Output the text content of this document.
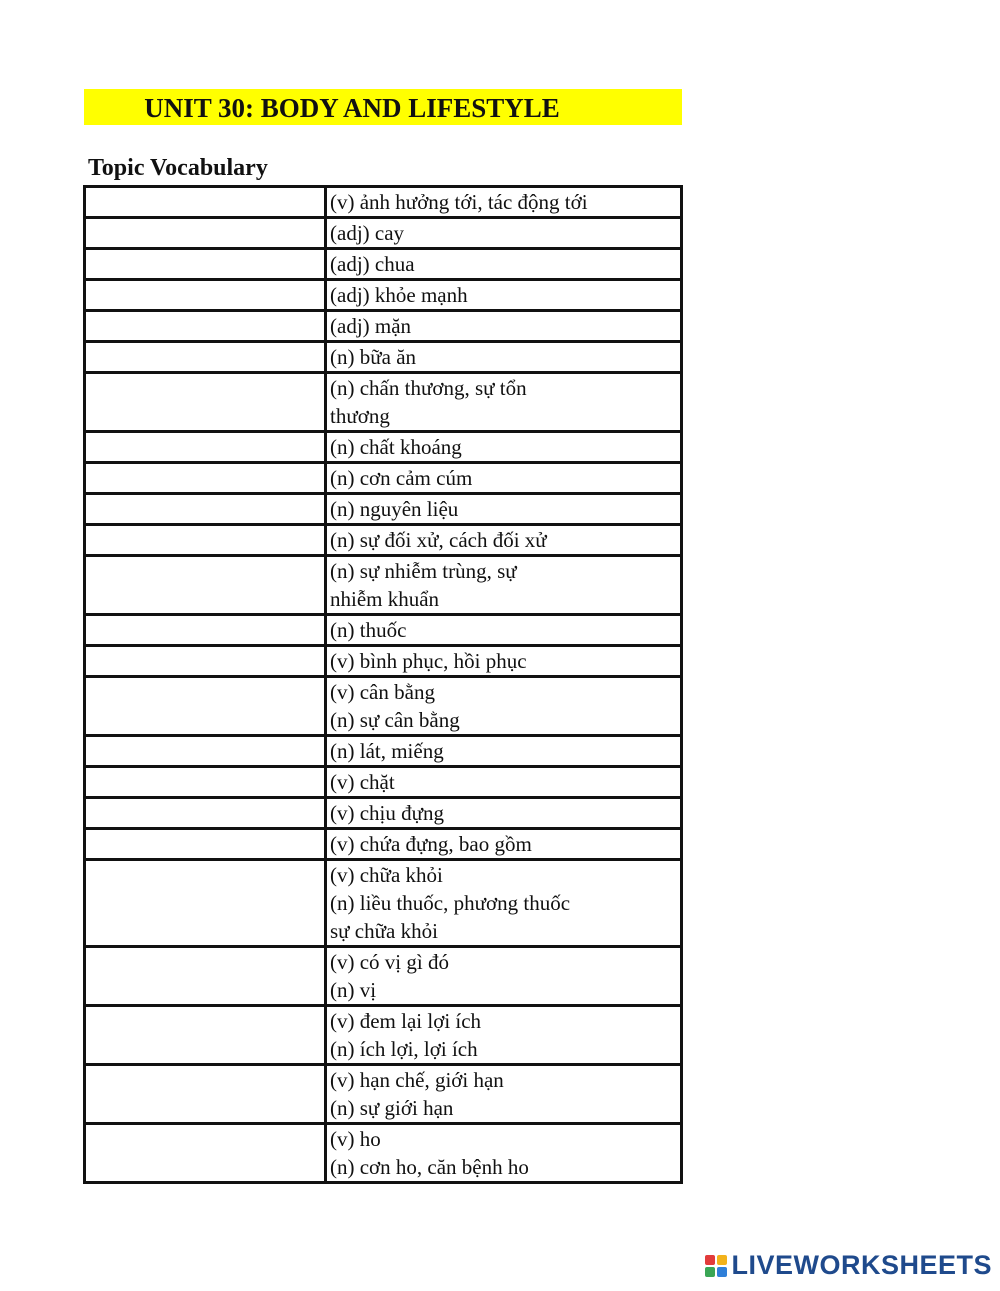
UNIT 30: BODY AND LIFESTYLE
Topic Vocabulary

	(v) ảnh hưởng tới, tác động tới

	(adj) cay

	(adj) chua

	(adj) khỏe mạnh

	(adj) mặn

	(n) bữa ăn

	(n) chấn thương, sự tổn
thương

	(n) chất khoáng

	(n) cơn cảm cúm

	(n) nguyên liệu

	(n) sự đối xử, cách đối xử

	(n) sự nhiễm trùng, sự
nhiễm khuẩn

	(n) thuốc

	(v) bình phục, hồi phục

	(v) cân bằng
(n) sự cân bằng

	(n) lát, miếng

	(v) chặt

	(v) chịu đựng

	(v) chứa đựng, bao gồm

	(v) chữa khỏi
(n) liều thuốc, phương thuốc
sự chữa khỏi

	(v) có vị gì đó
(n) vị

	(v) đem lại lợi ích
(n) ích lợi, lợi ích

	(v) hạn chế, giới hạn
(n) sự giới hạn

	(v) ho
(n) cơn ho, căn bệnh ho
LIVEWORKSHEETS
